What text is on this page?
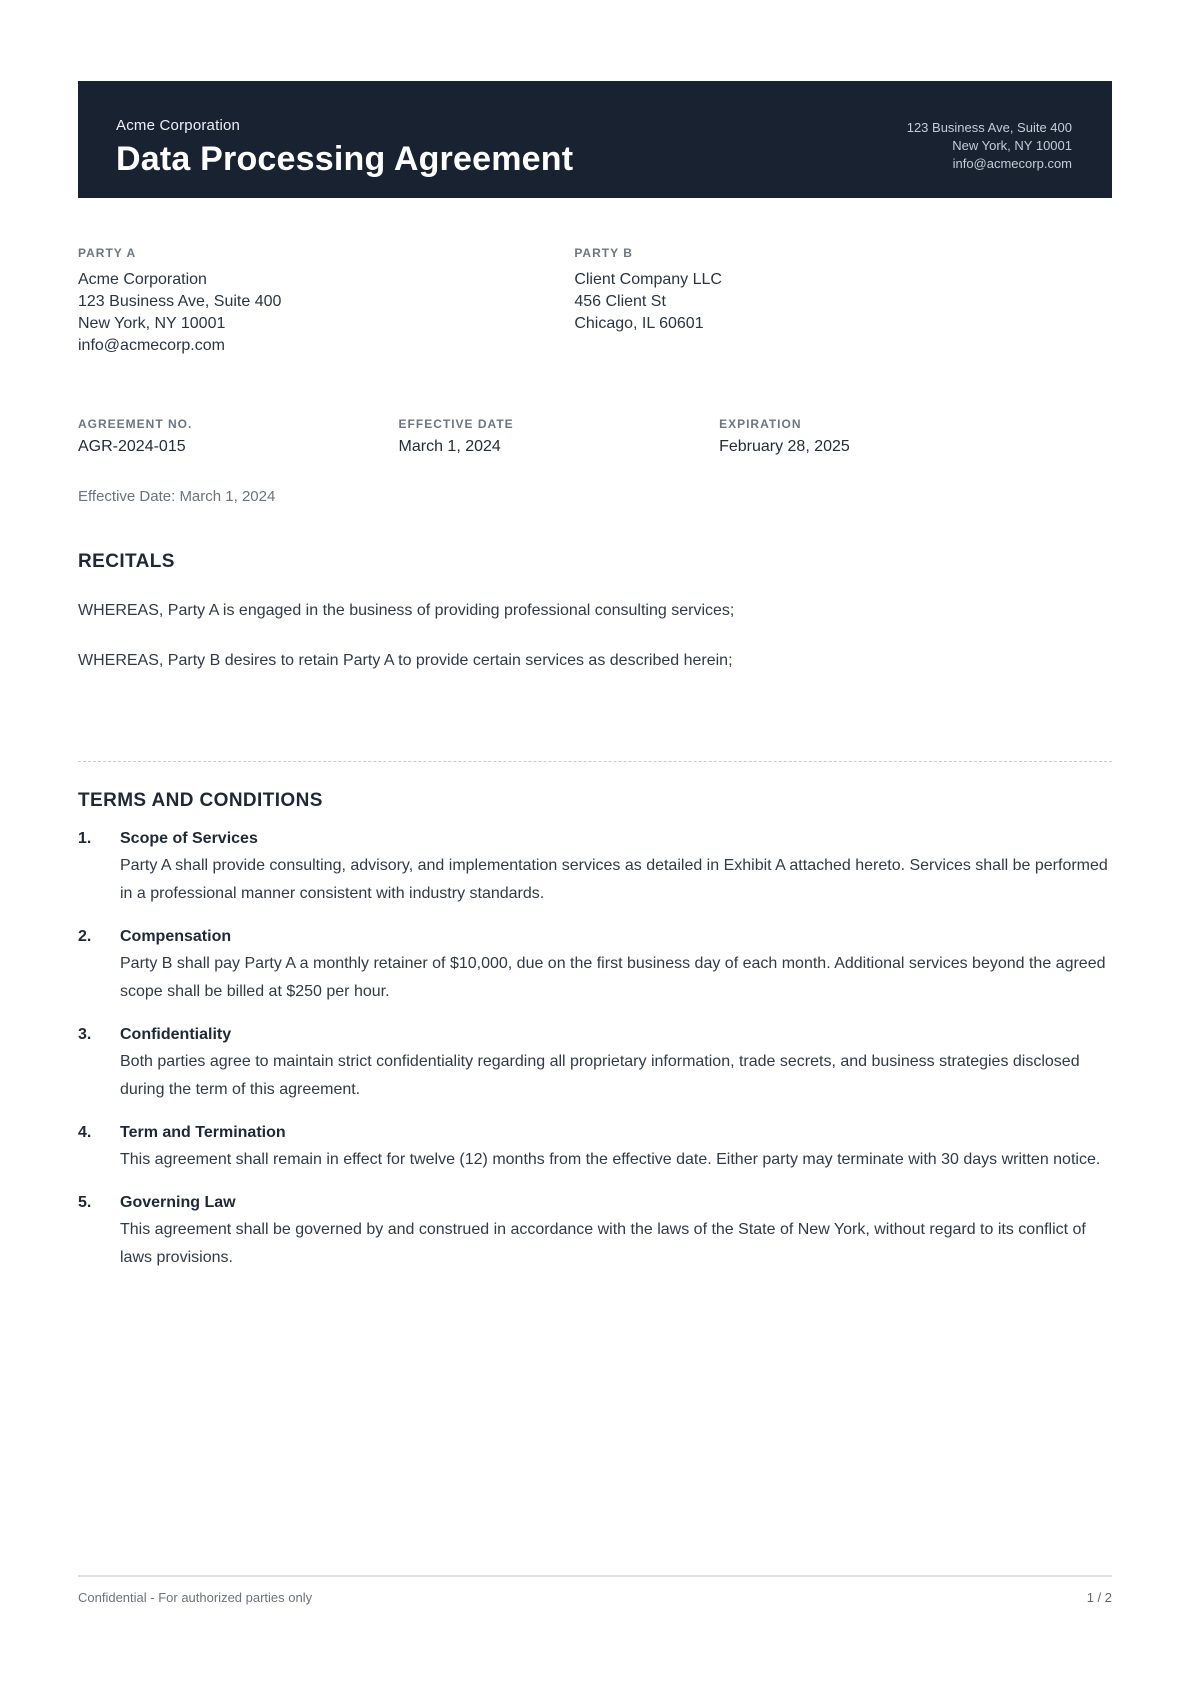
Acme Corporation
Data Processing Agreement
123 Business Ave, Suite 400
New York, NY 10001
info@acmecorp.com
PARTY A
Acme Corporation
123 Business Ave, Suite 400
New York, NY 10001
info@acmecorp.com
PARTY B
Client Company LLC
456 Client St
Chicago, IL 60601
AGREEMENT NO.
AGR-2024-015
EFFECTIVE DATE
March 1, 2024
EXPIRATION
February 28, 2025

Effective Date: March 1, 2024

RECITALS

WHEREAS, Party A is engaged in the business of providing professional consulting services;

WHEREAS, Party B desires to retain Party A to provide certain services as described herein;

TERMS AND CONDITIONS
1.	Scope of Services
Party A shall provide consulting, advisory, and implementation services as detailed in Exhibit A attached hereto. Services shall be performed in a professional manner consistent with industry standards.
2.	Compensation
Party B shall pay Party A a monthly retainer of $10,000, due on the first business day of each month. Additional services beyond the agreed scope shall be billed at $250 per hour.
3.	Confidentiality
Both parties agree to maintain strict confidentiality regarding all proprietary information, trade secrets, and business strategies disclosed during the term of this agreement.
4.	Term and Termination
This agreement shall remain in effect for twelve (12) months from the effective date. Either party may terminate with 30 days written notice.
5.	Governing Law
This agreement shall be governed by and construed in accordance with the laws of the State of New York, without regard to its conflict of laws provisions.
Confidential - For authorized parties only	1 / 2
